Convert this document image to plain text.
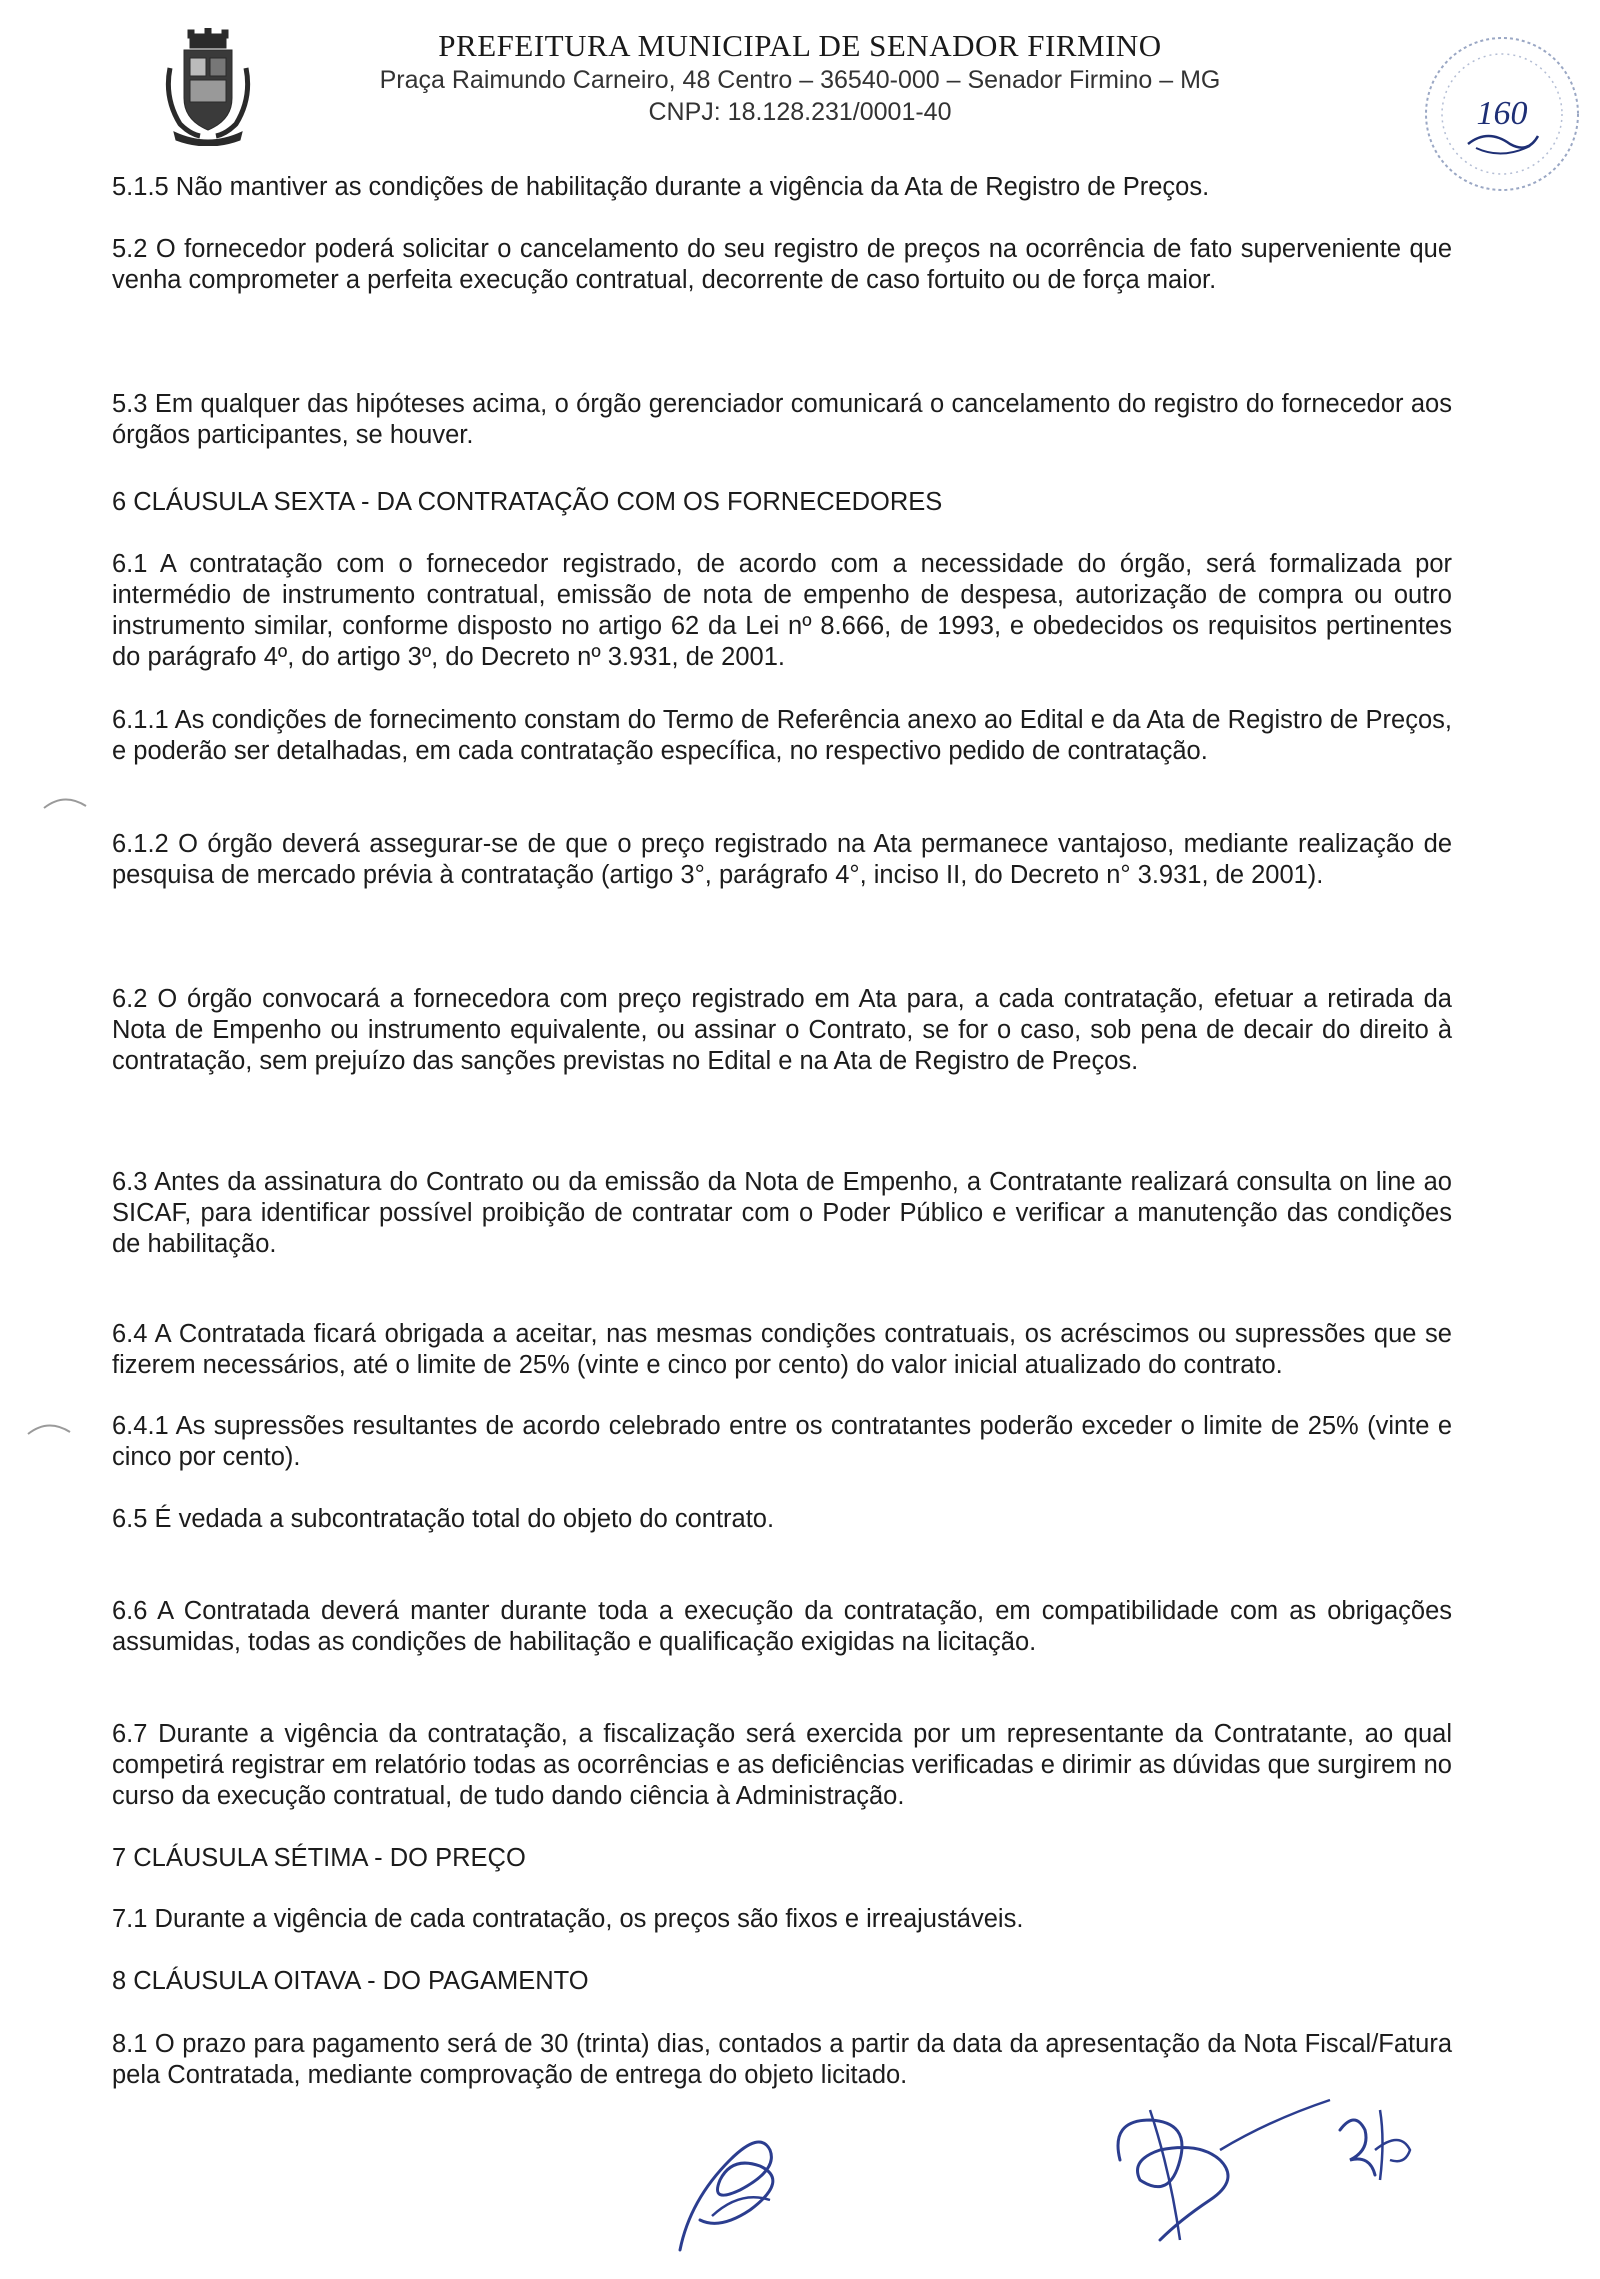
PREFEITURA MUNICIPAL DE SENADOR FIRMINO
Praça Raimundo Carneiro, 48 Centro – 36540-000 – Senador Firmino – MG
CNPJ: 18.128.231/0001-40	160
5.1.5 Não mantiver as condições de habilitação durante a vigência da Ata de Registro de Preços.
5.2 O fornecedor poderá solicitar o cancelamento do seu registro de preços na ocorrência de fato superveniente que venha comprometer a perfeita execução contratual, decorrente de caso fortuito ou de força maior.
5.3 Em qualquer das hipóteses acima, o órgão gerenciador comunicará o cancelamento do registro do fornecedor aos órgãos participantes, se houver.
6 CLÁUSULA SEXTA - DA CONTRATAÇÃO COM OS FORNECEDORES
6.1 A contratação com o fornecedor registrado, de acordo com a necessidade do órgão, será formalizada por intermédio de instrumento contratual, emissão de nota de empenho de despesa, autorização de compra ou outro instrumento similar, conforme disposto no artigo 62 da Lei nº 8.666, de 1993, e obedecidos os requisitos pertinentes do parágrafo 4º, do artigo 3º, do Decreto nº 3.931, de 2001.
6.1.1 As condições de fornecimento constam do Termo de Referência anexo ao Edital e da Ata de Registro de Preços, e poderão ser detalhadas, em cada contratação específica, no respectivo pedido de contratação.
6.1.2 O órgão deverá assegurar-se de que o preço registrado na Ata permanece vantajoso, mediante realização de pesquisa de mercado prévia à contratação (artigo 3°, parágrafo 4°, inciso II, do Decreto n° 3.931, de 2001).
6.2 O órgão convocará a fornecedora com preço registrado em Ata para, a cada contratação, efetuar a retirada da Nota de Empenho ou instrumento equivalente, ou assinar o Contrato, se for o caso, sob pena de decair do direito à contratação, sem prejuízo das sanções previstas no Edital e na Ata de Registro de Preços.
6.3 Antes da assinatura do Contrato ou da emissão da Nota de Empenho, a Contratante realizará consulta on line ao SICAF, para identificar possível proibição de contratar com o Poder Público e verificar a manutenção das condições de habilitação.
6.4 A Contratada ficará obrigada a aceitar, nas mesmas condições contratuais, os acréscimos ou supressões que se fizerem necessários, até o limite de 25% (vinte e cinco por cento) do valor inicial atualizado do contrato.
6.4.1 As supressões resultantes de acordo celebrado entre os contratantes poderão exceder o limite de 25% (vinte e cinco por cento).
6.5 É vedada a subcontratação total do objeto do contrato.
6.6 A Contratada deverá manter durante toda a execução da contratação, em compatibilidade com as obrigações assumidas, todas as condições de habilitação e qualificação exigidas na licitação.
6.7 Durante a vigência da contratação, a fiscalização será exercida por um representante da Contratante, ao qual competirá registrar em relatório todas as ocorrências e as deficiências verificadas e dirimir as dúvidas que surgirem no curso da execução contratual, de tudo dando ciência à Administração.
7 CLÁUSULA SÉTIMA - DO PREÇO
7.1 Durante a vigência de cada contratação, os preços são fixos e irreajustáveis.
8 CLÁUSULA OITAVA - DO PAGAMENTO
8.1 O prazo para pagamento será de 30 (trinta) dias, contados a partir da data da apresentação da Nota Fiscal/Fatura pela Contratada, mediante comprovação de entrega do objeto licitado.
